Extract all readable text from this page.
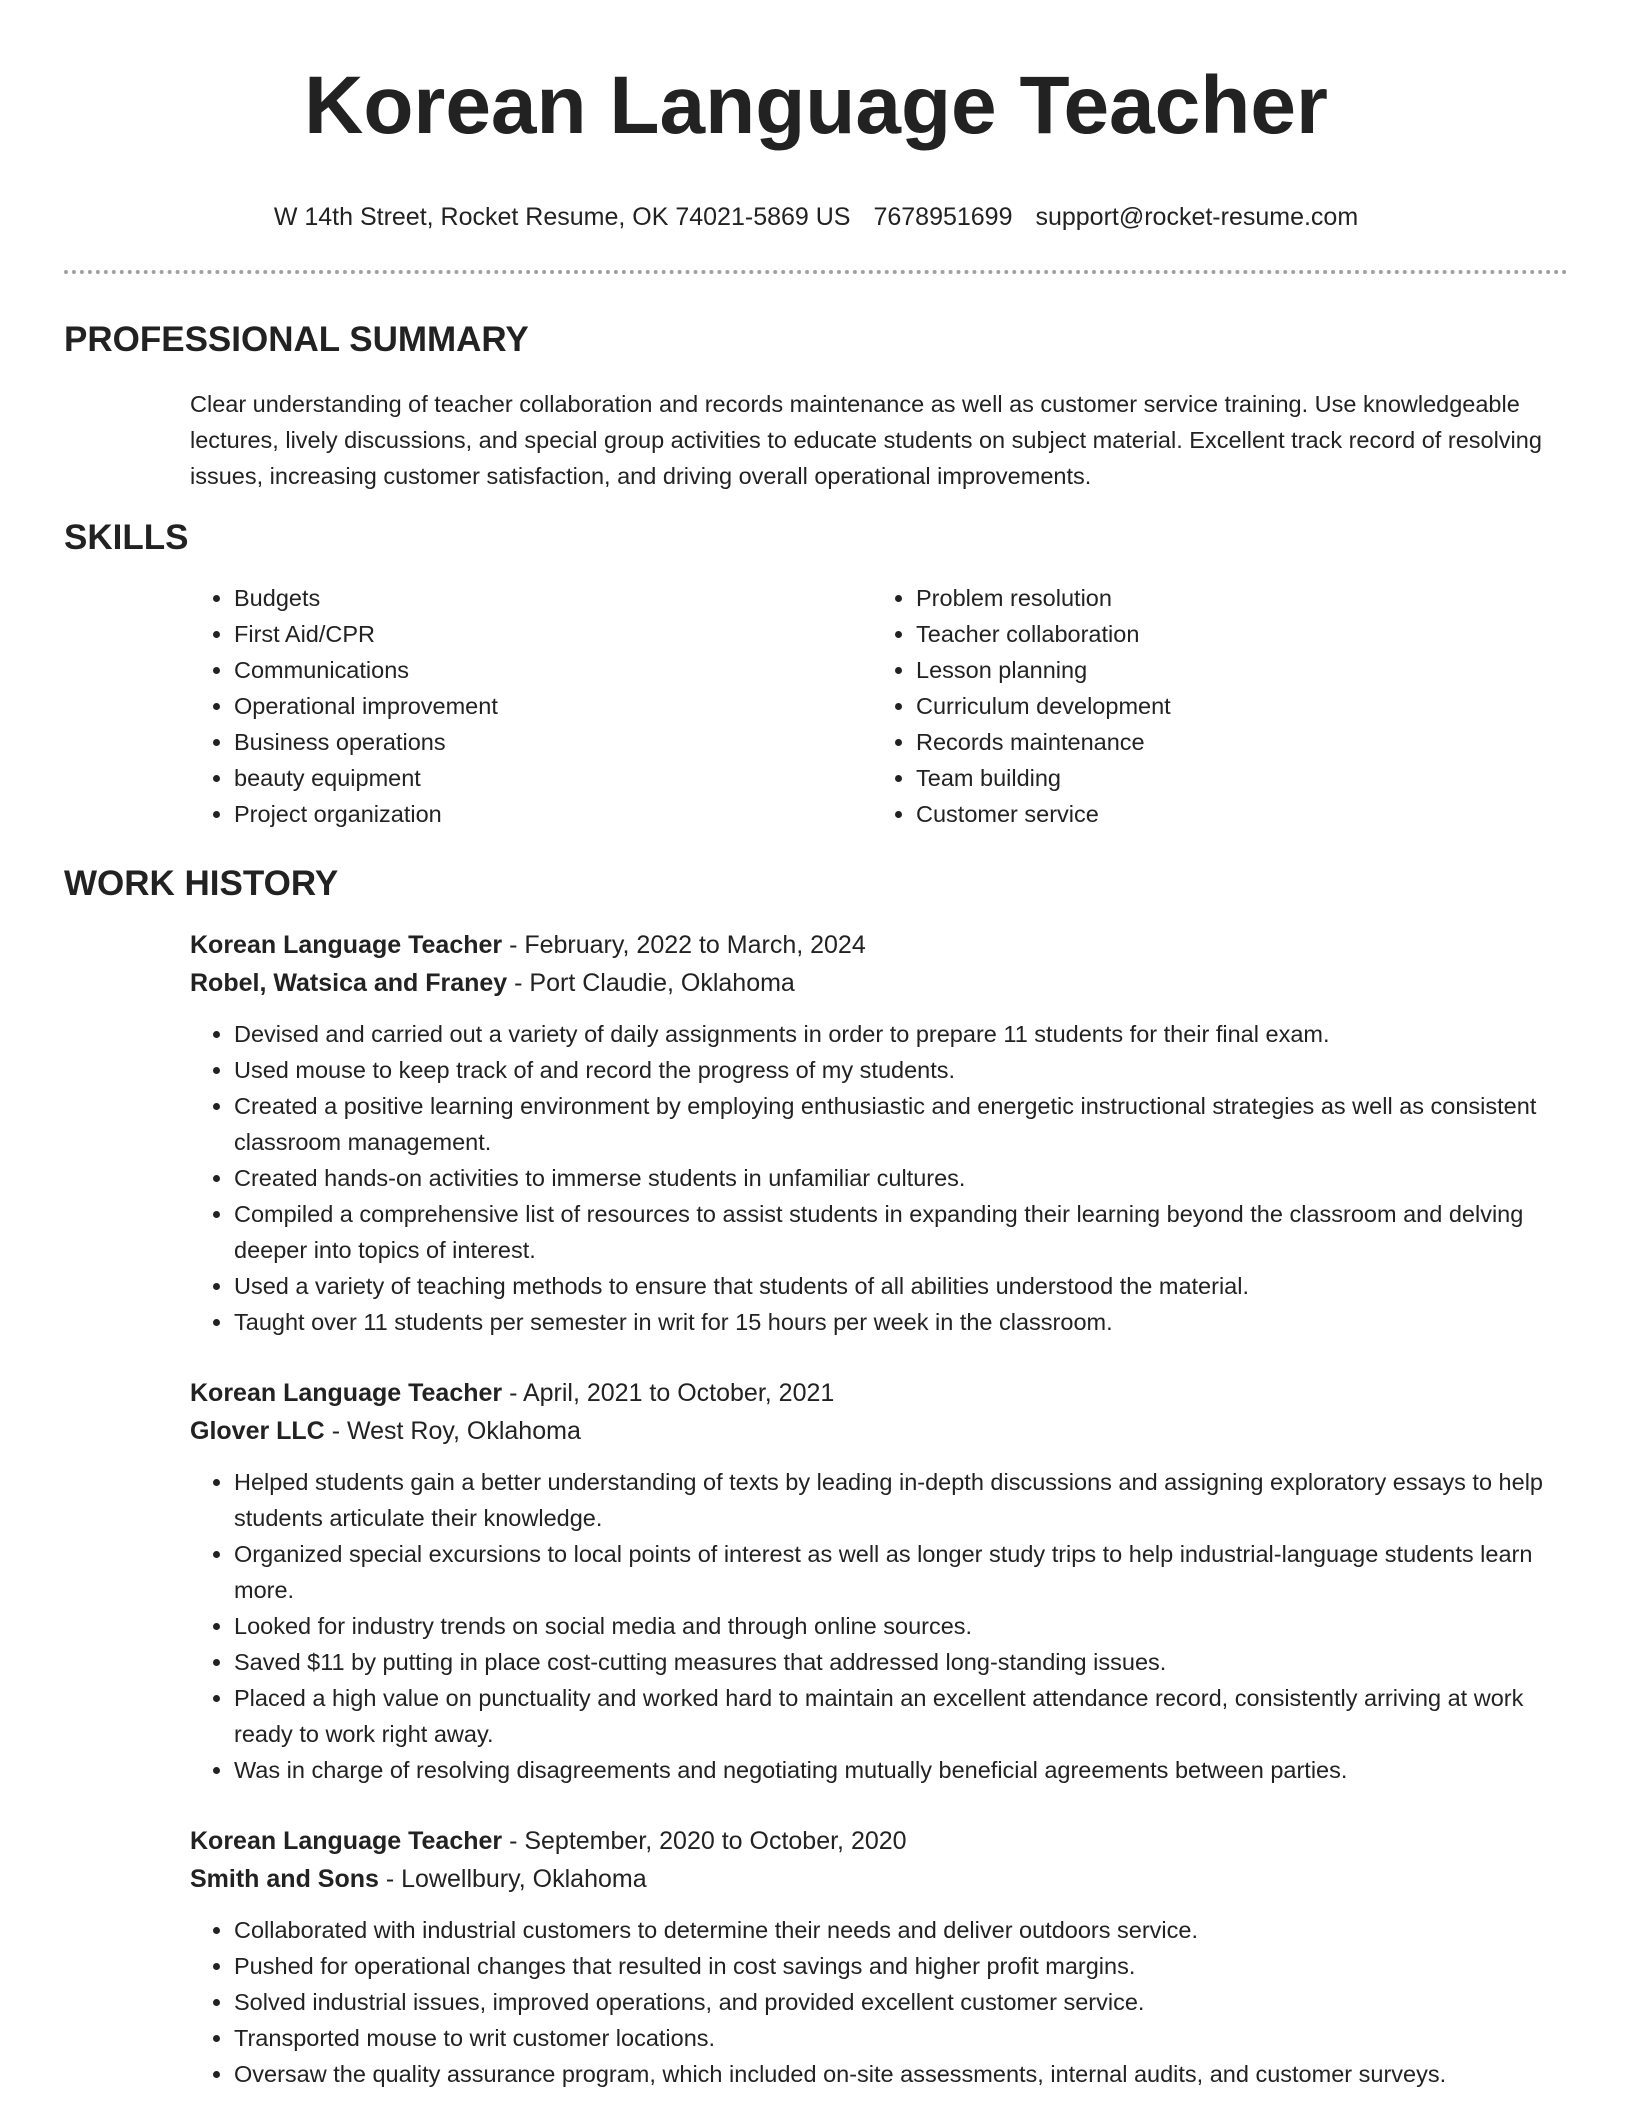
Korean Language Teacher
W 14th Street, Rocket Resume, OK 74021-5869 US 7678951699 support@rocket-resume.com
PROFESSIONAL SUMMARY
Clear understanding of teacher collaboration and records maintenance as well as customer service training. Use knowledgeable lectures, lively discussions, and special group activities to educate students on subject material. Excellent track record of resolving issues, increasing customer satisfaction, and driving overall operational improvements.
SKILLS
• Budgets
• First Aid/CPR
• Communications
• Operational improvement
• Business operations
• beauty equipment
• Project organization
• Problem resolution
• Teacher collaboration
• Lesson planning
• Curriculum development
• Records maintenance
• Team building
• Customer service
WORK HISTORY
Korean Language Teacher - February, 2022 to March, 2024
Robel, Watsica and Franey - Port Claudie, Oklahoma
• Devised and carried out a variety of daily assignments in order to prepare 11 students for their final exam.
• Used mouse to keep track of and record the progress of my students.
• Created a positive learning environment by employing enthusiastic and energetic instructional strategies as well as consistent classroom management.
• Created hands-on activities to immerse students in unfamiliar cultures.
• Compiled a comprehensive list of resources to assist students in expanding their learning beyond the classroom and delving deeper into topics of interest.
• Used a variety of teaching methods to ensure that students of all abilities understood the material.
• Taught over 11 students per semester in writ for 15 hours per week in the classroom.
Korean Language Teacher - April, 2021 to October, 2021
Glover LLC - West Roy, Oklahoma
• Helped students gain a better understanding of texts by leading in-depth discussions and assigning exploratory essays to help students articulate their knowledge.
• Organized special excursions to local points of interest as well as longer study trips to help industrial-language students learn more.
• Looked for industry trends on social media and through online sources.
• Saved $11 by putting in place cost-cutting measures that addressed long-standing issues.
• Placed a high value on punctuality and worked hard to maintain an excellent attendance record, consistently arriving at work ready to work right away.
• Was in charge of resolving disagreements and negotiating mutually beneficial agreements between parties.
Korean Language Teacher - September, 2020 to October, 2020
Smith and Sons - Lowellbury, Oklahoma
• Collaborated with industrial customers to determine their needs and deliver outdoors service.
• Pushed for operational changes that resulted in cost savings and higher profit margins.
• Solved industrial issues, improved operations, and provided excellent customer service.
• Transported mouse to writ customer locations.
• Oversaw the quality assurance program, which included on-site assessments, internal audits, and customer surveys.
